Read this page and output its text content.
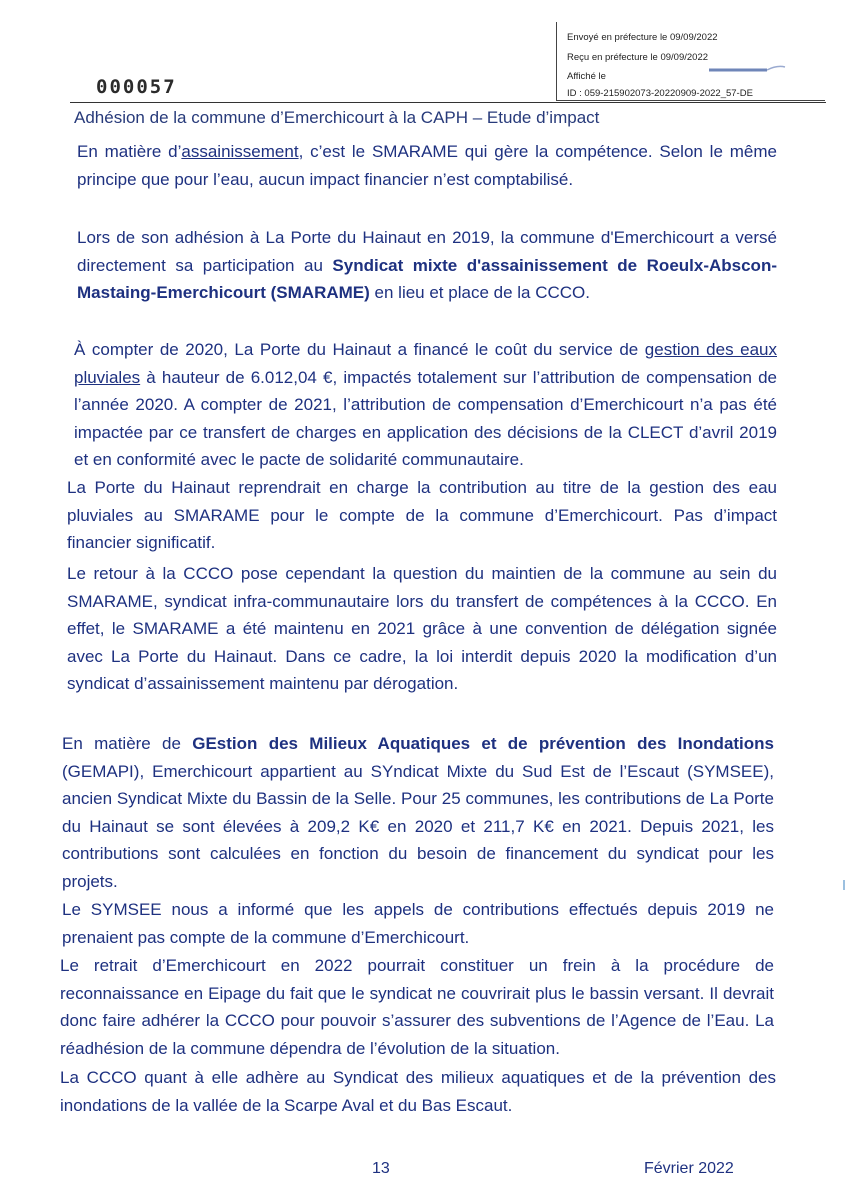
Envoyé en préfecture le 09/09/2022
Reçu en préfecture le 09/09/2022
Affiché le
ID : 059-215902073-20220909-2022_57-DE
000057
Adhésion de la commune d’Emerchicourt à la CAPH – Etude d’impact
En matière d’assainissement, c’est le SMARAME qui gère la compétence. Selon le même principe que pour l’eau, aucun impact financier n’est comptabilisé.
Lors de son adhésion à La Porte du Hainaut en 2019, la commune d'Emerchicourt a versé directement sa participation au Syndicat mixte d'assainissement de Roeulx-Abscon-Mastaing-Emerchicourt (SMARAME) en lieu et place de la CCCO.
À compter de 2020, La Porte du Hainaut a financé le coût du service de gestion des eaux pluviales à hauteur de 6.012,04 €, impactés totalement sur l’attribution de compensation de l’année 2020. A compter de 2021, l’attribution de compensation d’Emerchicourt n’a pas été impactée par ce transfert de charges en application des décisions de la CLECT d’avril 2019 et en conformité avec le pacte de solidarité communautaire.
La Porte du Hainaut reprendrait en charge la contribution au titre de la gestion des eau pluviales au SMARAME pour le compte de la commune d’Emerchicourt. Pas d’impact financier significatif.
Le retour à la CCCO pose cependant la question du maintien de la commune au sein du SMARAME, syndicat infra-communautaire lors du transfert de compétences à la CCCO. En effet, le SMARAME a été maintenu en 2021 grâce à une convention de délégation signée avec La Porte du Hainaut. Dans ce cadre, la loi interdit depuis 2020 la modification d’un syndicat d’assainissement maintenu par dérogation.
En matière de GEstion des Milieux Aquatiques et de prévention des Inondations (GEMAPI), Emerchicourt appartient au SYndicat Mixte du Sud Est de l’Escaut (SYMSEE), ancien Syndicat Mixte du Bassin de la Selle. Pour 25 communes, les contributions de La Porte du Hainaut se sont élevées à 209,2 K€ en 2020 et 211,7 K€ en 2021. Depuis 2021, les contributions sont calculées en fonction du besoin de financement du syndicat pour les projets.
Le SYMSEE nous a informé que les appels de contributions effectués depuis 2019 ne prenaient pas compte de la commune d’Emerchicourt.
Le retrait d’Emerchicourt en 2022 pourrait constituer un frein à la procédure de reconnaissance en Eipage du fait que le syndicat ne couvrirait plus le bassin versant. Il devrait donc faire adhérer la CCCO pour pouvoir s’assurer des subventions de l’Agence de l’Eau. La réadhésion de la commune dépendra de l’évolution de la situation.
La CCCO quant à elle adhère au Syndicat des milieux aquatiques et de la prévention des inondations de la vallée de la Scarpe Aval et du Bas Escaut.
13	Février 2022
